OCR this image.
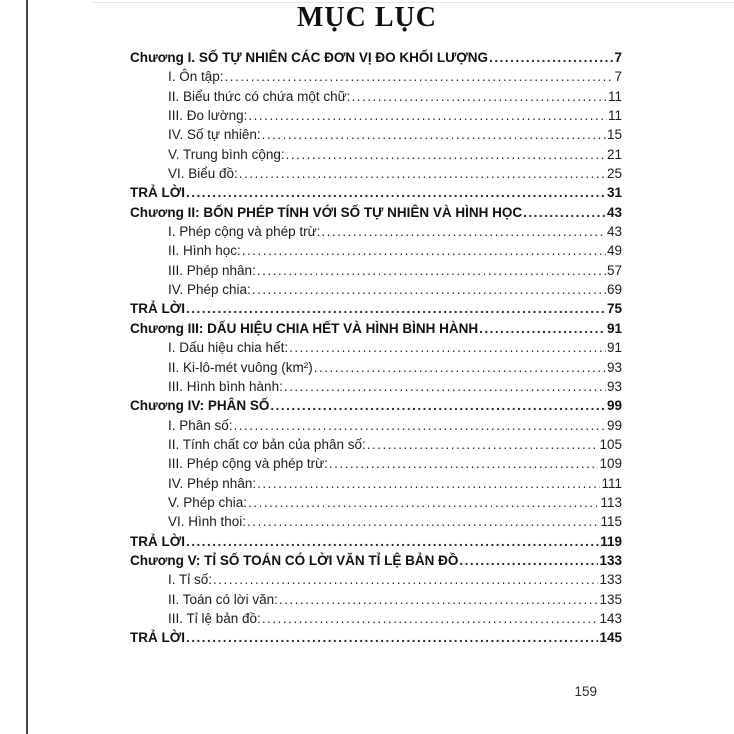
MỤC LỤC
Chương I. SỐ TỰ NHIÊN CÁC ĐƠN VỊ ĐO KHỐI LƯỢNG .....	7
I. Ôn tập: .....	7
II. Biểu thức có chứa một chữ: .....	11
III. Đo lường: .....	11
IV. Số tự nhiên: .....	15
V. Trung bình cộng: .....	21
VI. Biểu đồ: .....	25
TRẢ LỜI .....	31
Chương II: BỐN PHÉP TÍNH VỚI SỐ TỰ NHIÊN VÀ HÌNH HỌC .....	43
I. Phép cộng và phép trừ: .....	43
II. Hình học: .....	49
III. Phép nhân: .....	57
IV. Phép chia: .....	69
TRẢ LỜI .....	75
Chương III: DẤU HIỆU CHIA HẾT VÀ HÌNH BÌNH HÀNH .....	91
I. Dấu hiệu chia hết: .....	91
II. Ki-lô-mét vuông (km²) .....	93
III. Hình bình hành: .....	93
Chương IV: PHÂN SỐ .....	99
I. Phân số: .....	99
II. Tính chất cơ bản của phân số: .....	105
III. Phép cộng và phép trừ: .....	109
IV. Phép nhân: .....	111
V. Phép chia: .....	113
VI. Hình thoi: .....	115
TRẢ LỜI .....	119
Chương V: TỈ SỐ TOÁN CÓ LỜI VĂN TỈ LỆ BẢN ĐỒ .....	133
I. Tỉ số: .....	133
II. Toán có lời văn: .....	135
III. Tỉ lệ bản đồ: .....	143
TRẢ LỜI .....	145
159
